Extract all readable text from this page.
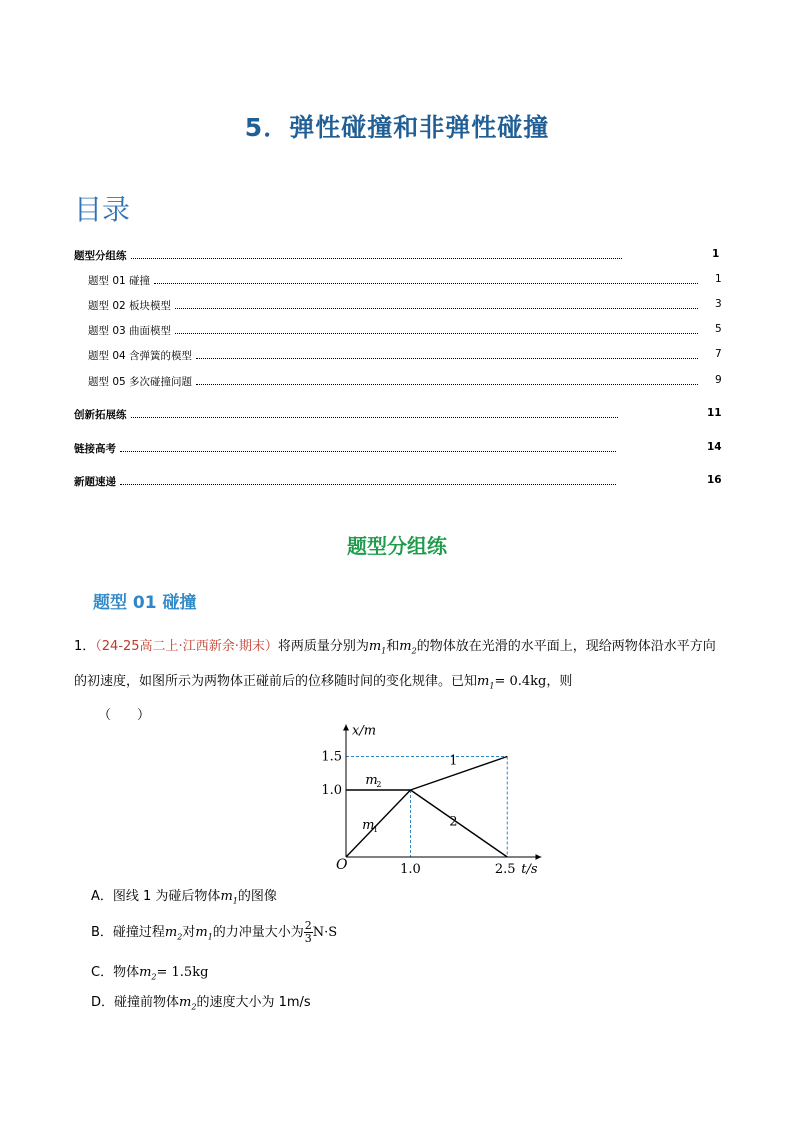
5．弹性碰撞和非弹性碰撞
目录
题型分组练	1
题型 01 碰撞	1
题型 02 板块模型	3
题型 03 曲面模型	5
题型 04 含弹簧的模型	7
题型 05 多次碰撞问题	9
创新拓展练	11
链接高考	14
新题速递	16
题型分组练
题型 01 碰撞
1．（24-25高二上·江西新余·期末）将两质量分别为$m_1$和$m_2$的物体放在光滑的水平面上，现给两物体沿水平方向的初速度，如图所示为两物体正碰前后的位移随时间的变化规律。已知$m_1= 0.4kg$，则
（　　）
1.0
1.5
1.0	2.5
O
x/m
t/s
m
2
m
1
1
2
A．图线 1 为碰后物体$m_1$的图像
B．碰撞过程$m_2$对$m_1$的力冲量大小为 $\frac{2}{3} N\cdot S$
C．物体$m_2= 1.5kg$
D．碰撞前物体$m_2$的速度大小为 1m/s
